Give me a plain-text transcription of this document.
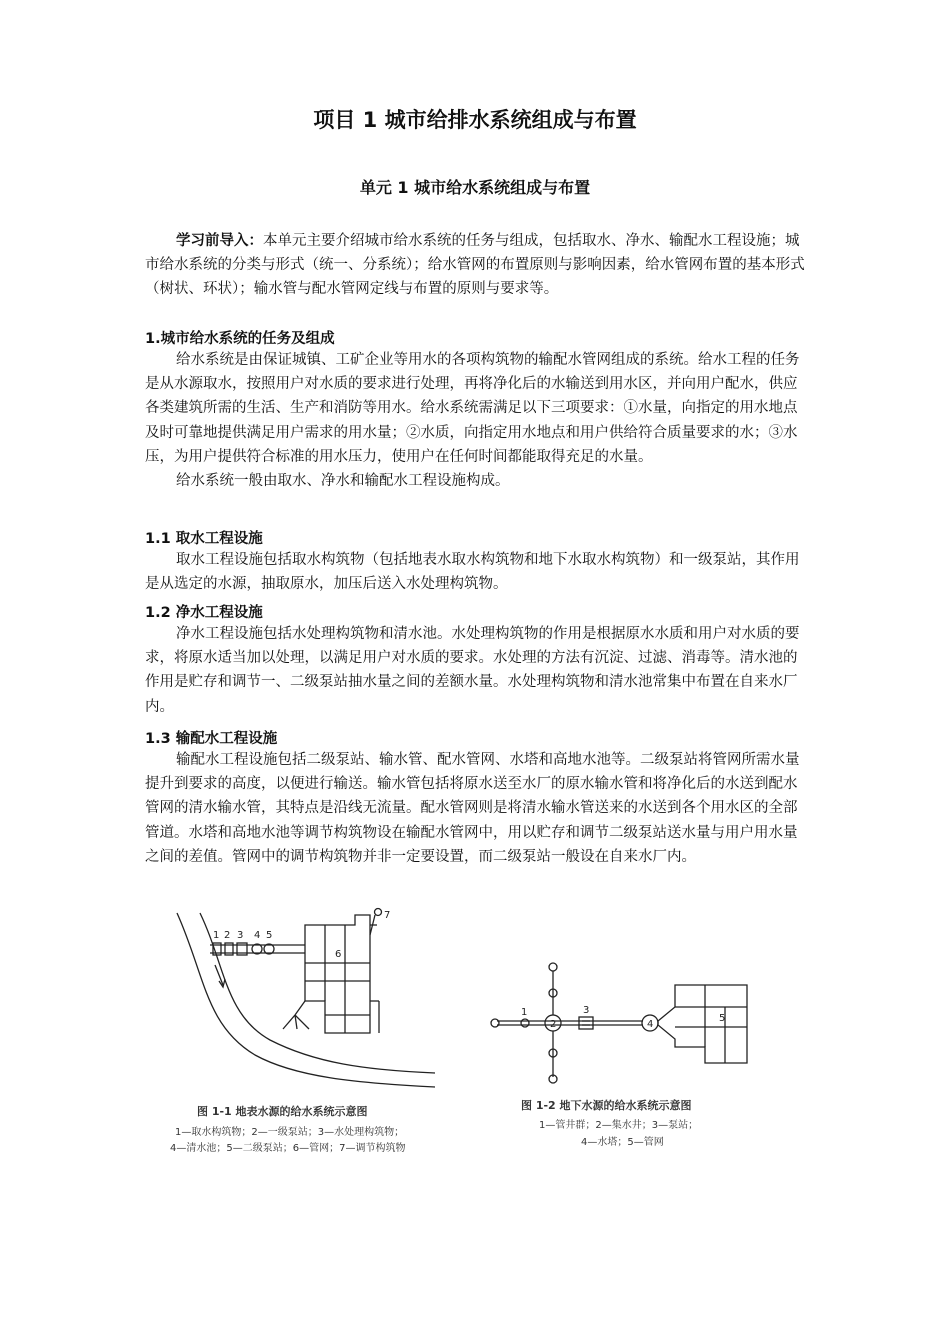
项目 1 城市给排水系统组成与布置
单元 1 城市给水系统组成与布置

学习前导入：本单元主要介绍城市给水系统的任务与组成，包括取水、净水、输配水工程设施；城市给水系统的分类与形式（统一、分系统）；给水管网的布置原则与影响因素，给水管网布置的基本形式（树状、环状）；输水管与配水管网定线与布置的原则与要求等。

1.城市给水系统的任务及组成

给水系统是由保证城镇、工矿企业等用水的各项构筑物的输配水管网组成的系统。给水工程的任务是从水源取水，按照用户对水质的要求进行处理，再将净化后的水输送到用水区，并向用户配水，供应各类建筑所需的生活、生产和消防等用水。给水系统需满足以下三项要求：①水量，向指定的用水地点及时可靠地提供满足用户需求的用水量；②水质，向指定用水地点和用户供给符合质量要求的水；③水压，为用户提供符合标准的用水压力，使用户在任何时间都能取得充足的水量。

给水系统一般由取水、净水和输配水工程设施构成。

1.1 取水工程设施

取水工程设施包括取水构筑物（包括地表水取水构筑物和地下水取水构筑物）和一级泵站，其作用是从选定的水源，抽取原水，加压后送入水处理构筑物。

1.2 净水工程设施

净水工程设施包括水处理构筑物和清水池。水处理构筑物的作用是根据原水水质和用户对水质的要求，将原水适当加以处理，以满足用户对水质的要求。水处理的方法有沉淀、过滤、消毒等。清水池的作用是贮存和调节一、二级泵站抽水量之间的差额水量。水处理构筑物和清水池常集中布置在自来水厂内。

1.3 输配水工程设施

输配水工程设施包括二级泵站、输水管、配水管网、水塔和高地水池等。二级泵站将管网所需水量提升到要求的高度，以便进行输送。输水管包括将原水送至水厂的原水输水管和将净化后的水送到配水管网的清水输水管，其特点是沿线无流量。配水管网则是将清水输水管送来的水送到各个用水区的全部管道。水塔和高地水池等调节构筑物设在输配水管网中，用以贮存和调节二级泵站送水量与用户用水量之间的差值。管网中的调节构筑物并非一定要设置，而二级泵站一般设在自来水厂内。

1 2 3 4 5
6
7
图 1-1 地表水源的给水系统示意图
1—取水构筑物；2—一级泵站；3—水处理构筑物；
4—清水池；5—二级泵站；6—管网；7—调节构筑物
1
2
3
4
5
图 1-2 地下水源的给水系统示意图
1—管井群；2—集水井；3—泵站；
4—水塔；5—管网
